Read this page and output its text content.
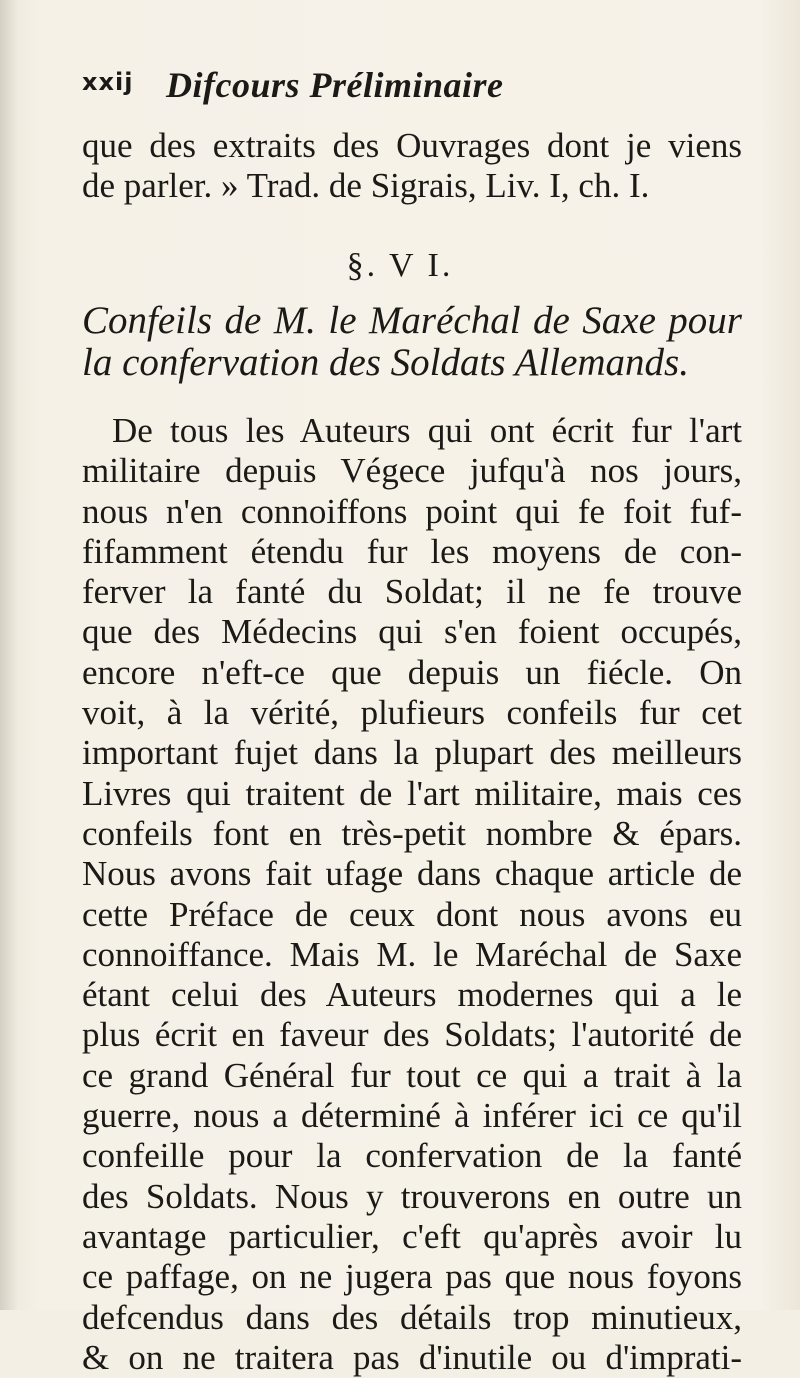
xxij Difcours Préliminaire
que des extraits des Ouvrages dont je viens
de parler. » Trad. de Sigrais, Liv. I, ch. I.
§. V I.
Confeils de M. le Maréchal de Saxe pour
la confervation des Soldats Allemands.
De tous les Auteurs qui ont écrit fur l'art
militaire depuis Végece jufqu'à nos jours,
nous n'en connoiffons point qui fe foit fuf-
fifamment étendu fur les moyens de con-
ferver la fanté du Soldat; il ne fe trouve
que des Médecins qui s'en foient occupés,
encore n'eft-ce que depuis un fiécle. On
voit, à la vérité, plufieurs confeils fur cet
important fujet dans la plupart des meilleurs
Livres qui traitent de l'art militaire, mais ces
confeils font en très-petit nombre & épars.
Nous avons fait ufage dans chaque article de
cette Préface de ceux dont nous avons eu
connoiffance. Mais M. le Maréchal de Saxe
étant celui des Auteurs modernes qui a le
plus écrit en faveur des Soldats; l'autorité de
ce grand Général fur tout ce qui a trait à la
guerre, nous a déterminé à inférer ici ce qu'il
confeille pour la confervation de la fanté
des Soldats. Nous y trouverons en outre un
avantage particulier, c'eft qu'après avoir lu
ce paffage, on ne jugera pas que nous foyons
defcendus dans des détails trop minutieux,
& on ne traitera pas d'inutile ou d'imprati-
